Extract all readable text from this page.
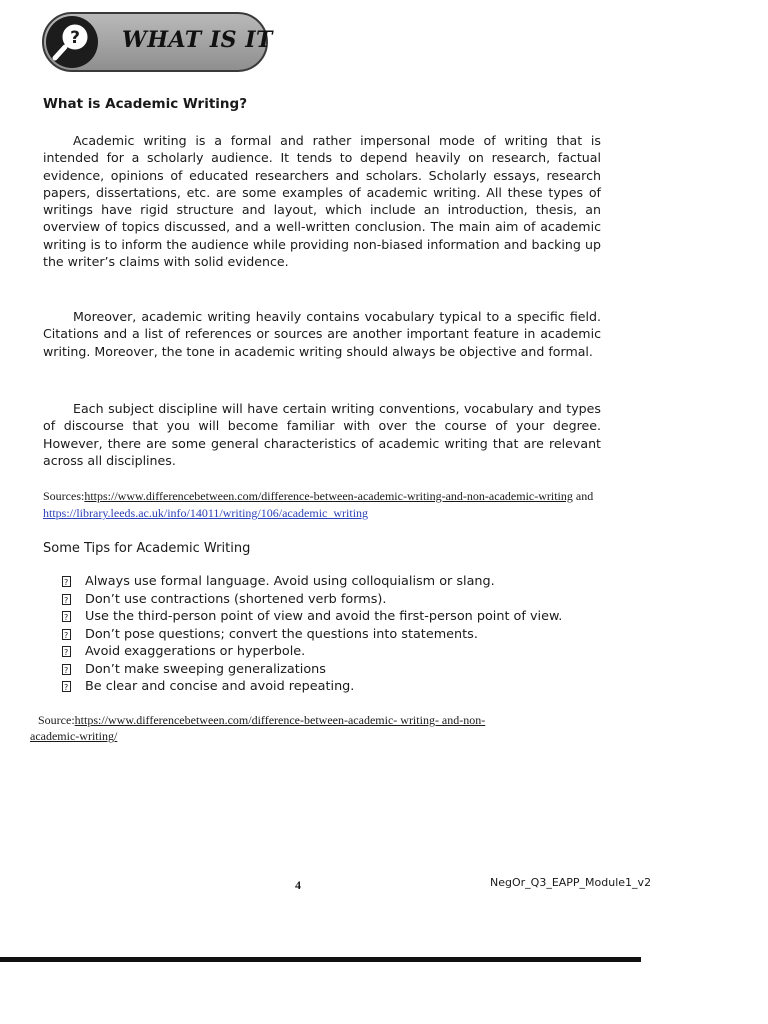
? WHAT IS IT
What is Academic Writing?

Academic writing is a formal and rather impersonal mode of writing that is intended for a scholarly audience. It tends to depend heavily on research, factual evidence, opinions of educated researchers and scholars. Scholarly essays, research papers, dissertations, etc. are some examples of academic writing. All these types of writings have rigid structure and layout, which include an introduction, thesis, an overview of topics discussed, and a well-written conclusion. The main aim of academic writing is to inform the audience while providing non-biased information and backing up the writer’s claims with solid evidence.

Moreover, academic writing heavily contains vocabulary typical to a specific field. Citations and a list of references or sources are another important feature in academic writing. Moreover, the tone in academic writing should always be objective and formal.

Each subject discipline will have certain writing conventions, vocabulary and types of discourse that you will become familiar with over the course of your degree. However, there are some general characteristics of academic writing that are relevant across all disciplines.

Sources:https://www.differencebetween.com/difference-between-academic-writing-and-non-academic-writing and https://library.leeds.ac.uk/info/14011/writing/106/academic_writing
Some Tips for Academic Writing
?
Always use formal language. Avoid using colloquialism or slang.
?
Don’t use contractions (shortened verb forms).
?
Use the third-person point of view and avoid the first-person point of view.
?
Don’t pose questions; convert the questions into statements.
?
Avoid exaggerations or hyperbole.
?
Don’t make sweeping generalizations
?
Be clear and concise and avoid repeating.
Source:https://www.differencebetween.com/difference-between-academic- writing- and-non-
academic-writing/
4	NegOr_Q3_EAPP_Module1_v2
